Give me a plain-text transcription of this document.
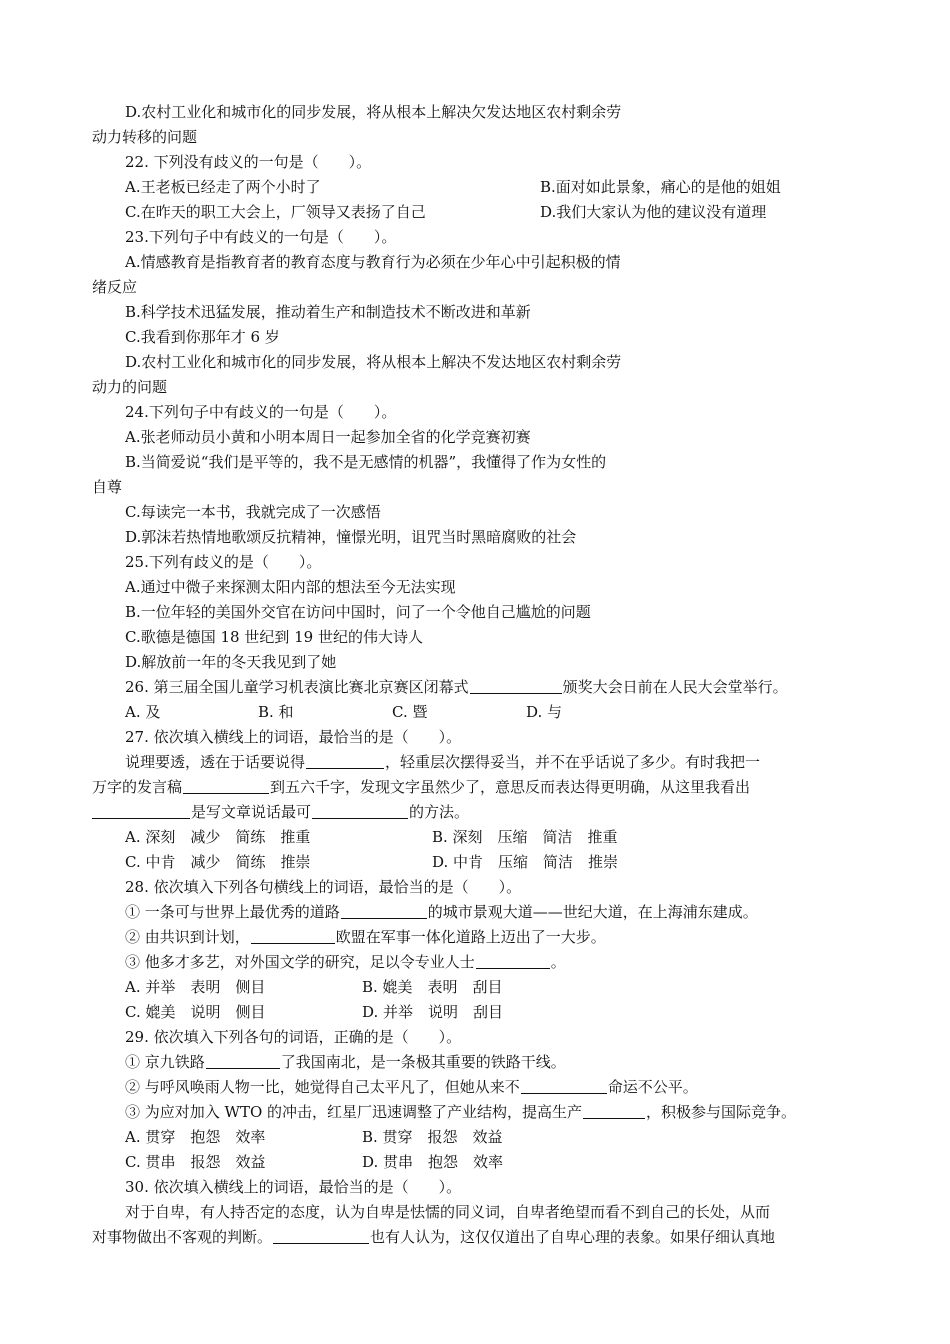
D.农村工业化和城市化的同步发展，将从根本上解决欠发达地区农村剩余劳
动力转移的问题
22. 下列没有歧义的一句是（　　）。
A.王老板已经走了两个小时了	B.面对如此景象，痛心的是他的姐姐
C.在昨天的职工大会上，厂领导又表扬了自己	D.我们大家认为他的建议没有道理
23.下列句子中有歧义的一句是（　　）。
A.情感教育是指教育者的教育态度与教育行为必须在少年心中引起积极的情
绪反应
B.科学技术迅猛发展，推动着生产和制造技术不断改进和革新
C.我看到你那年才 6 岁
D.农村工业化和城市化的同步发展，将从根本上解决不发达地区农村剩余劳
动力的问题
24.下列句子中有歧义的一句是（　　）。
A.张老师动员小黄和小明本周日一起参加全省的化学竞赛初赛
B.当简爱说“我们是平等的，我不是无感情的机器”，我懂得了作为女性的
自尊
C.每读完一本书，我就完成了一次感悟
D.郭沫若热情地歌颂反抗精神，憧憬光明，诅咒当时黑暗腐败的社会
25.下列有歧义的是（　　）。
A.通过中微子来探测太阳内部的想法至今无法实现
B.一位年轻的美国外交官在访问中国时，问了一个令他自己尴尬的问题
C.歌德是德国 18 世纪到 19 世纪的伟大诗人
D.解放前一年的冬天我见到了她
26. 第三届全国儿童学习机表演比赛北京赛区闭幕式	颁奖大会日前在人民大会堂举行。
A. 及	B. 和	C. 暨	D. 与
27. 依次填入横线上的词语，最恰当的是（　　）。
说理要透，透在于话要说得	，轻重层次摆得妥当，并不在乎话说了多少。有时我把一
万字的发言稿	到五六千字，发现文字虽然少了，意思反而表达得更明确，从这里我看出
是写文章说话最可	的方法。
A. 深刻　减少　简练　推重	B. 深刻　压缩　简洁　推重
C. 中肯　减少　简练　推崇	D. 中肯　压缩　简洁　推崇
28. 依次填入下列各句横线上的词语，最恰当的是（　　）。
① 一条可与世界上最优秀的道路	的城市景观大道——世纪大道，在上海浦东建成。
② 由共识到计划，	欧盟在军事一体化道路上迈出了一大步。
③ 他多才多艺，对外国文学的研究，足以令专业人士	。
A. 并举　表明　侧目	B. 媲美　表明　刮目
C. 媲美　说明　侧目	D. 并举　说明　刮目
29. 依次填入下列各句的词语，正确的是（　　）。
① 京九铁路	了我国南北，是一条极其重要的铁路干线。
② 与呼风唤雨人物一比，她觉得自己太平凡了，但她从来不	命运不公平。
③ 为应对加入 WTO 的冲击，红星厂迅速调整了产业结构，提高生产	，积极参与国际竞争。
A. 贯穿　抱怨　效率	B. 贯穿　报怨　效益
C. 贯串　报怨　效益	D. 贯串　抱怨　效率
30. 依次填入横线上的词语，最恰当的是（　　）。
对于自卑，有人持否定的态度，认为自卑是怯懦的同义词，自卑者绝望而看不到自己的长处，从而
对事物做出不客观的判断。	也有人认为，这仅仅道出了自卑心理的表象。如果仔细认真地
